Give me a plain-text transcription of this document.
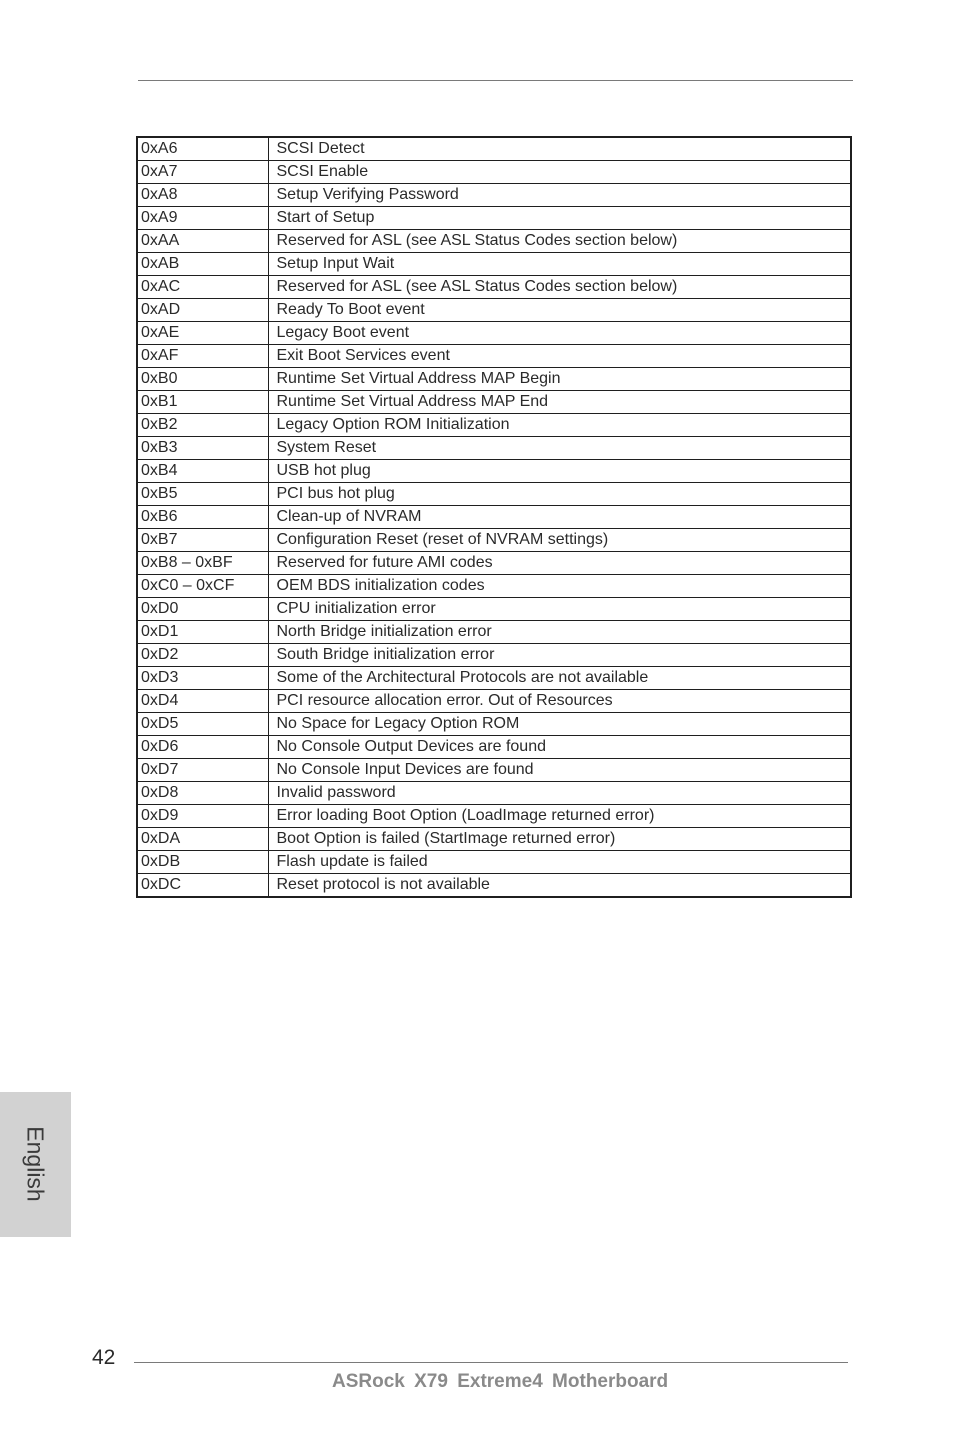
0xA6	SCSI Detect
0xA7	SCSI Enable
0xA8	Setup Verifying Password
0xA9	Start of Setup
0xAA	Reserved for ASL (see ASL Status Codes section below)
0xAB	Setup Input Wait
0xAC	Reserved for ASL (see ASL Status Codes section below)
0xAD	Ready To Boot event
0xAE	Legacy Boot event
0xAF	Exit Boot Services event
0xB0	Runtime Set Virtual Address MAP Begin
0xB1	Runtime Set Virtual Address MAP End
0xB2	Legacy Option ROM Initialization
0xB3	System Reset
0xB4	USB hot plug
0xB5	PCI bus hot plug
0xB6	Clean-up of NVRAM
0xB7	Configuration Reset (reset of NVRAM settings)
0xB8 – 0xBF	Reserved for future AMI codes
0xC0 – 0xCF	OEM BDS initialization codes
0xD0	CPU initialization error
0xD1	North Bridge initialization error
0xD2	South Bridge initialization error
0xD3	Some of the Architectural Protocols are not available
0xD4	PCI resource allocation error. Out of Resources
0xD5	No Space for Legacy Option ROM
0xD6	No Console Output Devices are found
0xD7	No Console Input Devices are found
0xD8	Invalid password
0xD9	Error loading Boot Option (LoadImage returned error)
0xDA	Boot Option is failed (StartImage returned error)
0xDB	Flash update is failed
0xDC	Reset protocol is not available
English
42
ASRock X79 Extreme4 Motherboard
